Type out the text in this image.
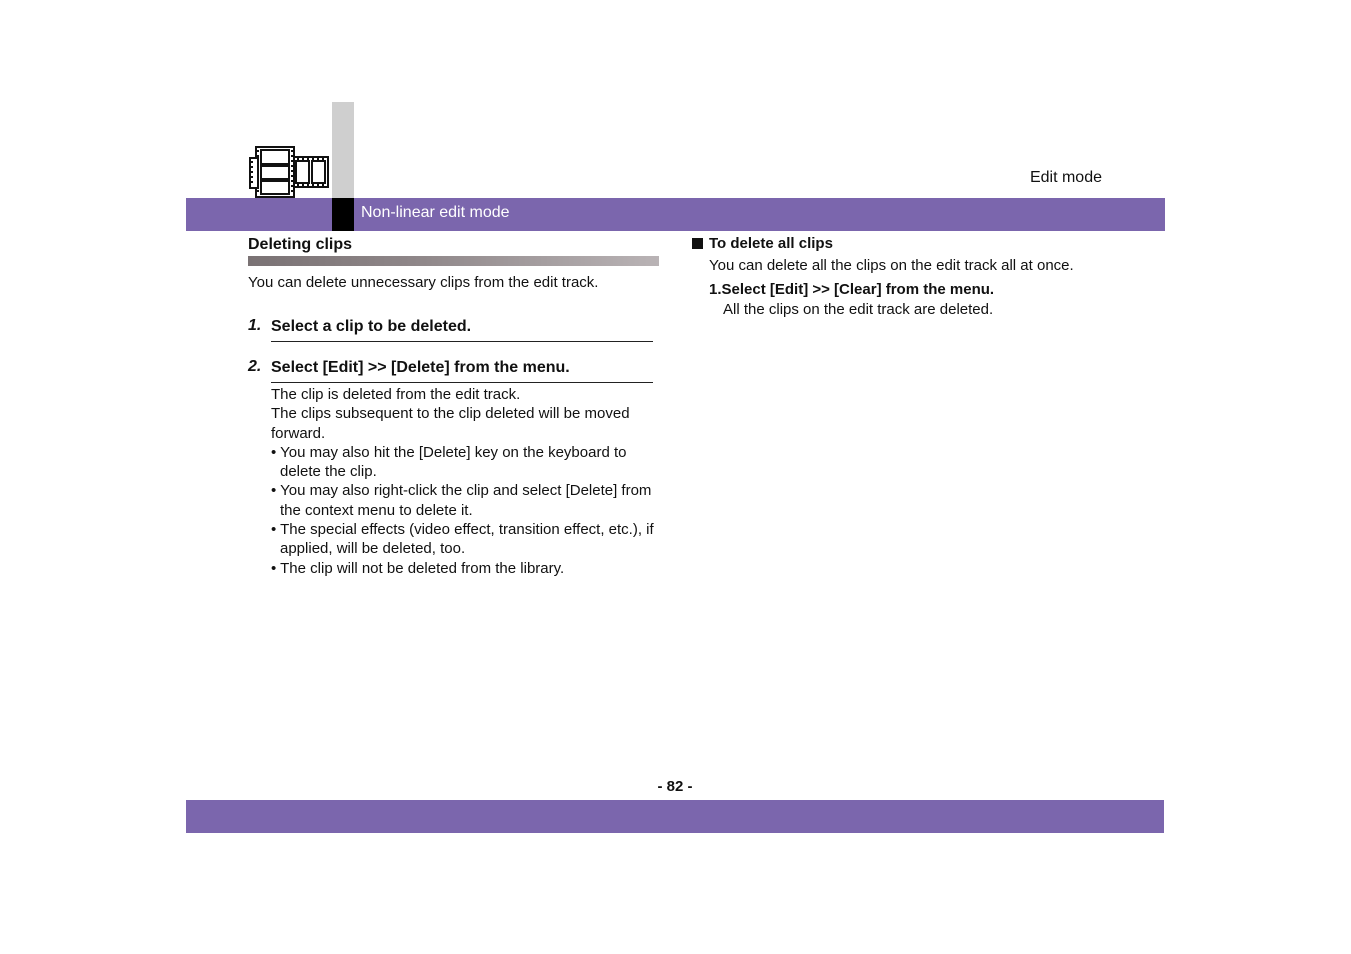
Edit mode
Non-linear edit mode
Deleting clips
You can delete unnecessary clips from the edit track.
1. Select a clip to be deleted.
2. Select [Edit] >> [Delete] from the menu.

The clip is deleted from the edit track.

The clips subsequent to the clip deleted will be moved forward.

• You may also hit the [Delete] key on the keyboard to delete the clip.
• You may also right-click the clip and select [Delete] from the context menu to delete it.
• The special effects (video effect, transition effect, etc.), if applied, will be deleted, too.
• The clip will not be deleted from the library.
To delete all clips
You can delete all the clips on the edit track all at once.
1.Select [Edit] >> [Clear] from the menu.
All the clips on the edit track are deleted.
- 82 -
